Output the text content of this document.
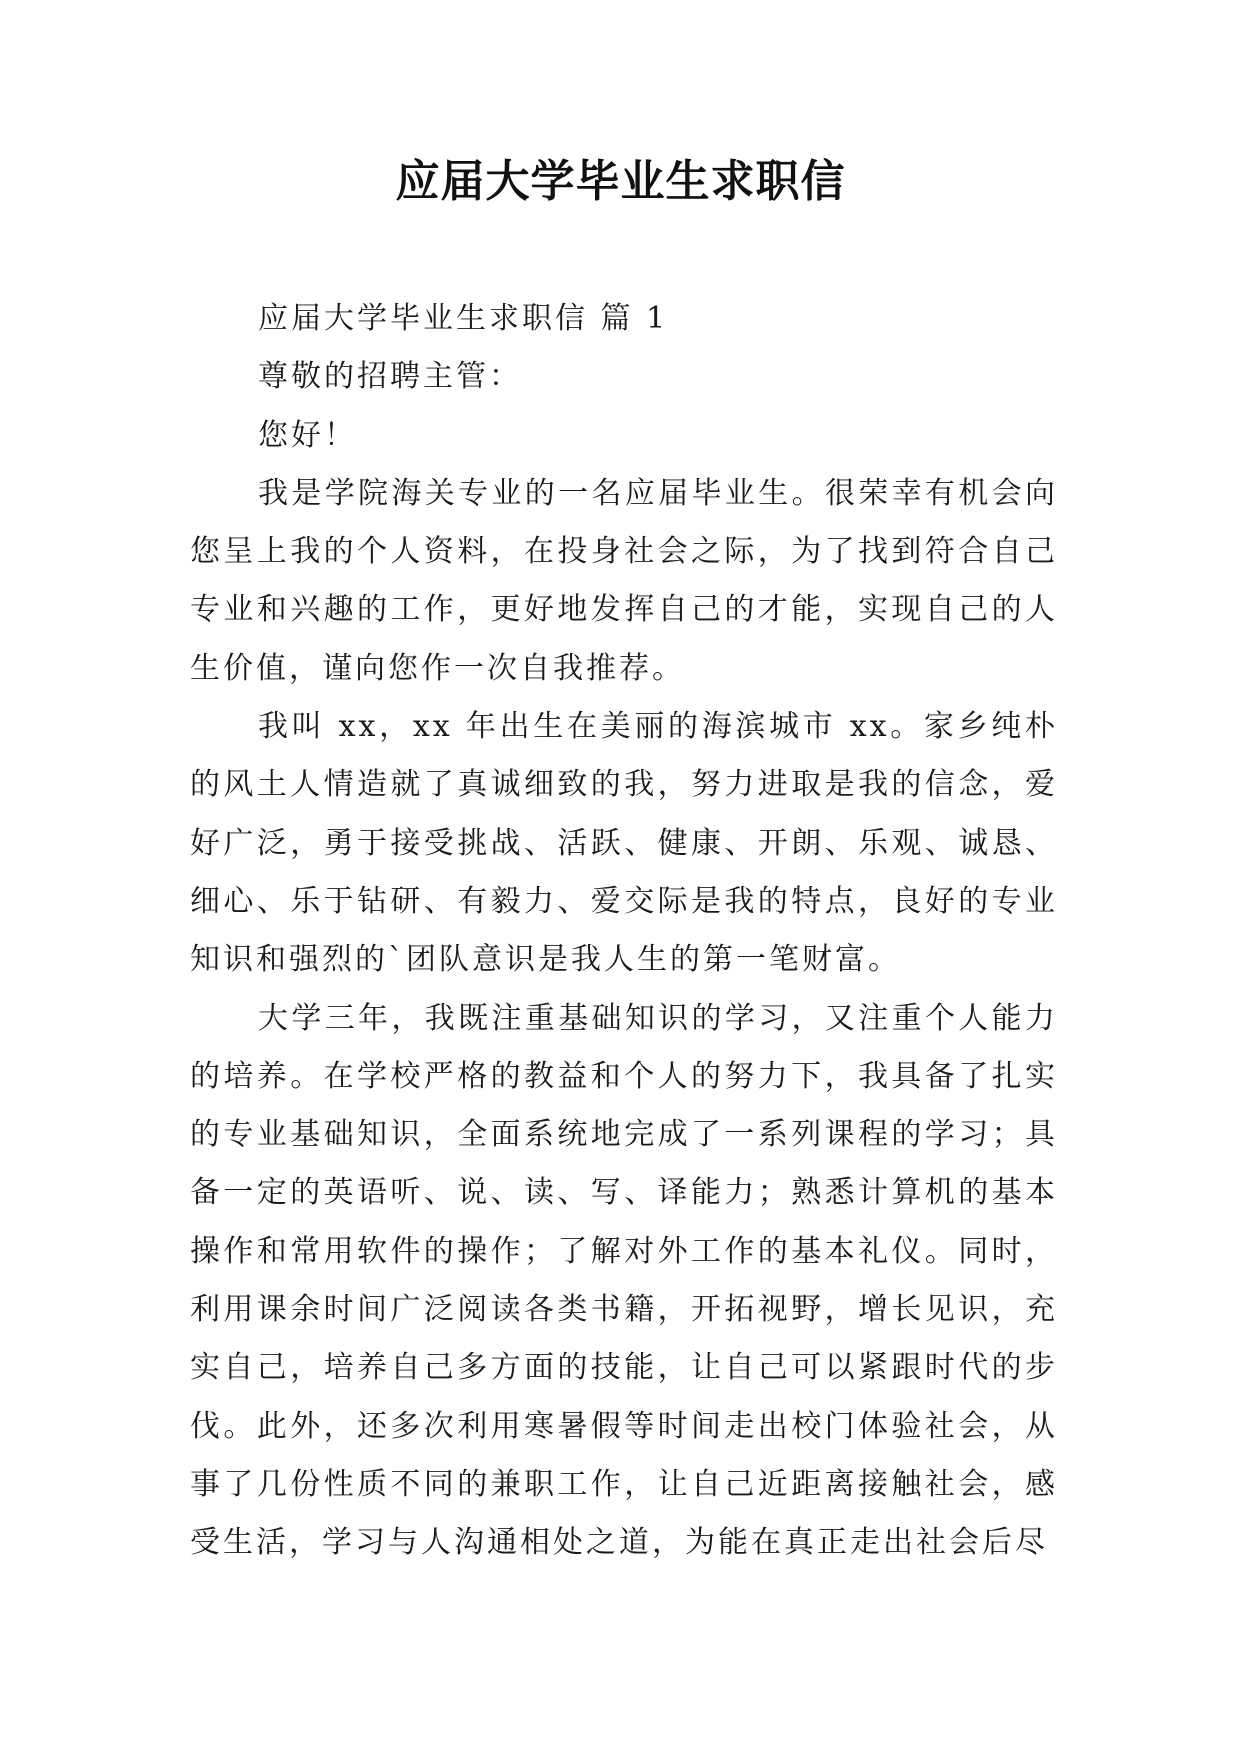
应届大学毕业生求职信

应届大学毕业生求职信 篇 1

尊敬的招聘主管：

您好！

我是学院海关专业的一名应届毕业生。很荣幸有机会向您呈上我的个人资料，在投身社会之际，为了找到符合自己专业和兴趣的工作，更好地发挥自己的才能，实现自己的人生价值，谨向您作一次自我推荐。

我叫 xx，xx 年出生在美丽的海滨城市 xx。家乡纯朴的风土人情造就了真诚细致的我，努力进取是我的信念，爱好广泛，勇于接受挑战、活跃、健康、开朗、乐观、诚恳、细心、乐于钻研、有毅力、爱交际是我的特点，良好的专业知识和强烈的`团队意识是我人生的第一笔财富。

大学三年，我既注重基础知识的学习，又注重个人能力的培养。在学校严格的教益和个人的努力下，我具备了扎实的专业基础知识，全面系统地完成了一系列课程的学习；具备一定的英语听、说、读、写、译能力；熟悉计算机的基本操作和常用软件的操作；了解对外工作的基本礼仪。同时，利用课余时间广泛阅读各类书籍，开拓视野，增长见识，充实自己，培养自己多方面的技能，让自己可以紧跟时代的步伐。此外，还多次利用寒暑假等时间走出校门体验社会，从事了几份性质不同的兼职工作，让自己近距离接触社会，感受生活，学习与人沟通相处之道，为能在真正走出社会后尽
